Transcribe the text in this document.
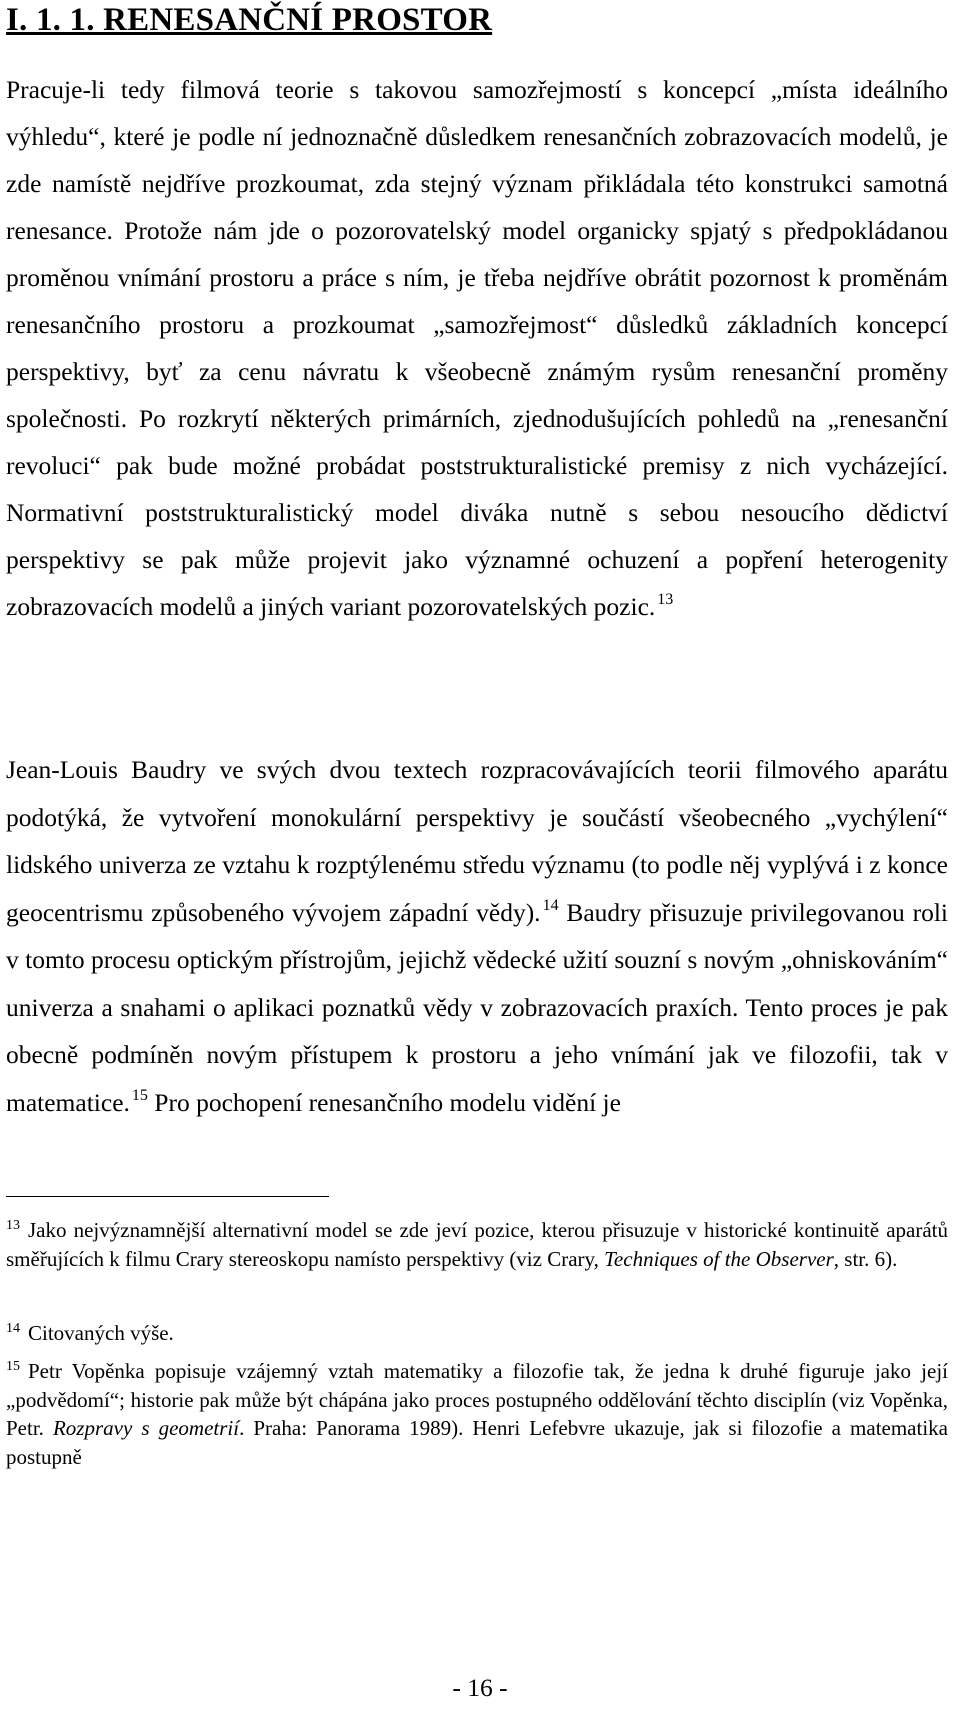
I. 1. 1. RENESANČNÍ PROSTOR
Pracuje-li tedy filmová teorie s takovou samozřejmostí s koncepcí „místa ideálního výhledu“, které je podle ní jednoznačně důsledkem renesančních zobrazovacích modelů, je zde namístě nejdříve prozkoumat, zda stejný význam přikládala této konstrukci samotná renesance. Protože nám jde o pozorovatelský model organicky spjatý s předpokládanou proměnou vnímání prostoru a práce s ním, je třeba nejdříve obrátit pozornost k proměnám renesančního prostoru a prozkoumat „samozřejmost“ důsledků základních koncepcí perspektivy, byť za cenu návratu k všeobecně známým rysům renesanční proměny společnosti. Po rozkrytí některých primárních, zjednodušujících pohledů na „renesanční revoluci“ pak bude možné probádat poststrukturalistické premisy z nich vycházející. Normativní poststrukturalistický model diváka nutně s sebou nesoucího dědictví perspektivy se pak může projevit jako významné ochuzení a popření heterogenity zobrazovacích modelů a jiných variant pozorovatelských pozic. $^{13}$
Jean-Louis Baudry ve svých dvou textech rozpracovávajících teorii filmového aparátu podotýká, že vytvoření monokulární perspektivy je součástí všeobecného „vychýlení“ lidského univerza ze vztahu k rozptýlenému středu významu (to podle něj vyplývá i z konce geocentrismu způsobeného vývojem západní vědy). $^{14}$ Baudry přisuzuje privilegovanou roli v tomto procesu optickým přístrojům, jejichž vědecké užití souzní s novým „ohniskováním“ univerza a snahami o aplikaci poznatků vědy v zobrazovacích praxích. Tento proces je pak obecně podmíněn novým přístupem k prostoru a jeho vnímání jak ve filozofii, tak v matematice. $^{15}$ Pro pochopení renesančního modelu vidění je
$^{13}$ Jako nejvýznamnější alternativní model se zde jeví pozice, kterou přisuzuje v historické kontinuitě aparátů směřujících k filmu Crary stereoskopu namísto perspektivy (viz Crary, Techniques of the Observer, str. 6).
$^{14}$ Citovaných výše.
$^{15}$ Petr Vopěnka popisuje vzájemný vztah matematiky a filozofie tak, že jedna k druhé figuruje jako její „podvědomí“; historie pak může být chápána jako proces postupného oddělování těchto disciplín (viz Vopěnka, Petr. Rozpravy s geometrií. Praha: Panorama 1989). Henri Lefebvre ukazuje, jak si filozofie a matematika postupně
- 16 -
